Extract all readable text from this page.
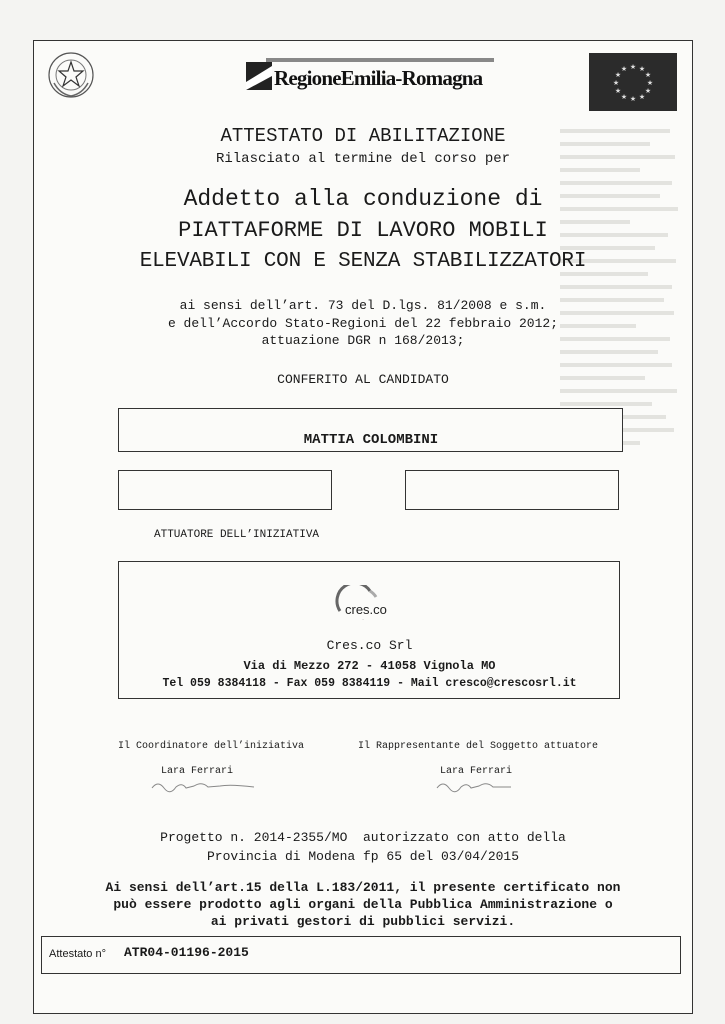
RegioneEmilia-Romagna	★ ★
★
★
★
★
★
★
★
★
★
★
ATTESTATO DI ABILITAZIONE
Rilasciato al termine del corso per
Addetto alla conduzione di
PIATTAFORME DI LAVORO MOBILI
ELEVABILI CON E SENZA STABILIZZATORI
ai sensi dell’art. 73 del D.lgs. 81/2008 e s.m.
e dell’Accordo Stato-Regioni del 22 febbraio 2012;
attuazione DGR n 168/2013;
CONFERITO AL CANDIDATO
MATTIA COLOMBINI
ATTUATORE DELL’INIZIATIVA
·
cres.co
Cres.co Srl
Via di Mezzo 272 - 41058 Vignola MO
Tel 059 8384118 - Fax 059 8384119 - Mail cresco@crescosrl.it
Il Coordinatore dell’iniziativa	Il Rappresentante del Soggetto attuatore
Lara Ferrari	Lara Ferrari
Progetto n. 2014-2355/MO  autorizzato con atto della
Provincia di Modena fp 65 del 03/04/2015
Ai sensi dell’art.15 della L.183/2011, il presente certificato non
può essere prodotto agli organi della Pubblica Amministrazione o
ai privati gestori di pubblici servizi.
Attestato n° ATR04-01196-2015
